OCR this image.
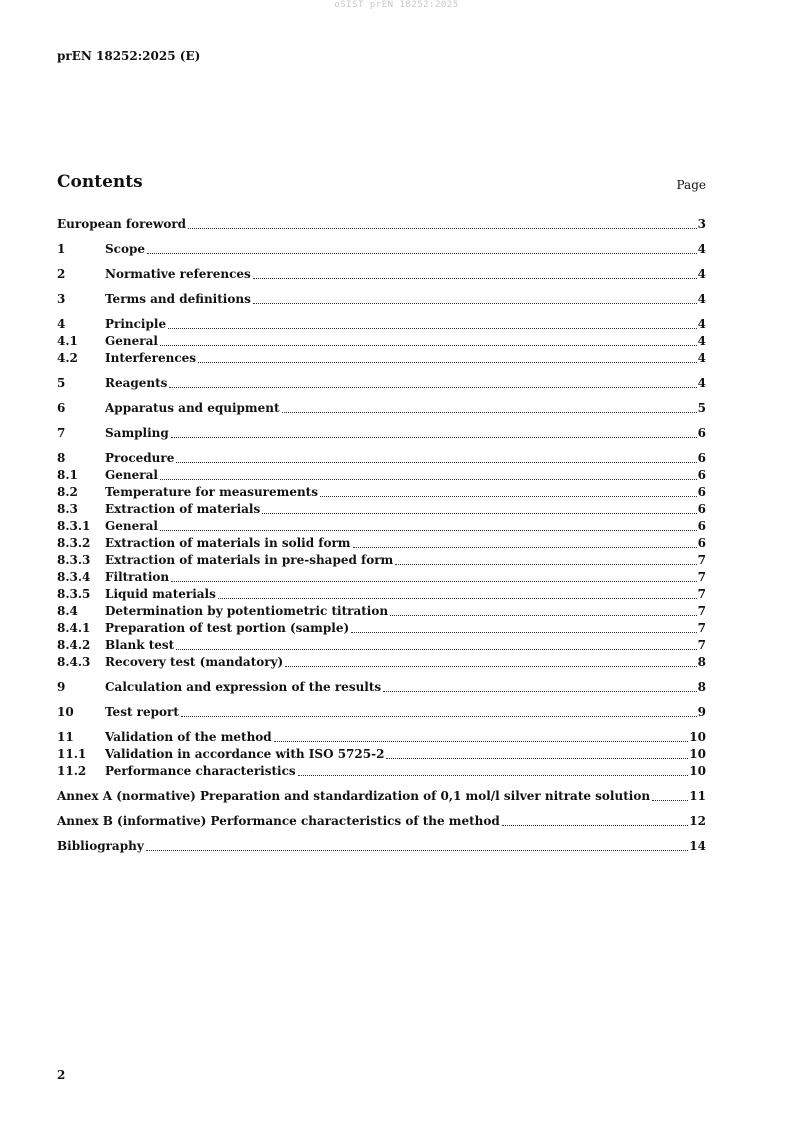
oSIST prEN 18252:2025
prEN 18252:2025 (E)
Contents	Page
European foreword	3
1	Scope	4
2	Normative references	4
3	Terms and definitions	4
4	Principle	4
4.1	General	4
4.2	Interferences	4
5	Reagents	4
6	Apparatus and equipment	5
7	Sampling	6
8	Procedure	6
8.1	General	6
8.2	Temperature for measurements	6
8.3	Extraction of materials	6
8.3.1	General	6
8.3.2	Extraction of materials in solid form	6
8.3.3	Extraction of materials in pre-shaped form	7
8.3.4	Filtration	7
8.3.5	Liquid materials	7
8.4	Determination by potentiometric titration	7
8.4.1	Preparation of test portion (sample)	7
8.4.2	Blank test	7
8.4.3	Recovery test (mandatory)	8
9	Calculation and expression of the results	8
10	Test report	9
11	Validation of the method	10
11.1	Validation in accordance with ISO 5725-2	10
11.2	Performance characteristics	10
Annex A (normative) Preparation and standardization of 0,1 mol/l silver nitrate solution	11
Annex B (informative) Performance characteristics of the method	12
Bibliography	14
2
